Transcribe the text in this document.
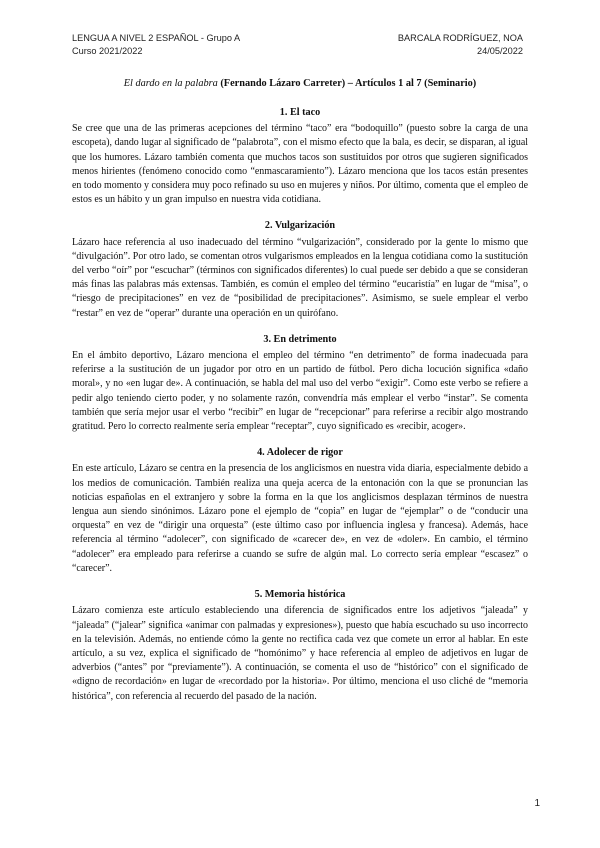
LENGUA A NIVEL 2 ESPAÑOL - Grupo A
Curso 2021/2022
BARCALA RODRÍGUEZ, NOA
24/05/2022
El dardo en la palabra (Fernando Lázaro Carreter) – Artículos 1 al 7 (Seminario)
1. El taco
Se cree que una de las primeras acepciones del término “taco” era “bodoquillo” (puesto sobre la carga de una escopeta), dando lugar al significado de “palabrota”, con el mismo efecto que la bala, es decir, se disparan, al igual que los humores. Lázaro también comenta que muchos tacos son sustituidos por otros que sugieren significados menos hirientes (fenómeno conocido como “enmascaramiento”). Lázaro menciona que los tacos están presentes en todo momento y considera muy poco refinado su uso en mujeres y niños. Por último, comenta que el empleo de estos es un hábito y un gran impulso en nuestra vida cotidiana.
2. Vulgarización
Lázaro hace referencia al uso inadecuado del término “vulgarización”, considerado por la gente lo mismo que “divulgación”. Por otro lado, se comentan otros vulgarismos empleados en la lengua cotidiana como la sustitución del verbo “oír” por “escuchar” (términos con significados diferentes) lo cual puede ser debido a que se consideran más finas las palabras más extensas. También, es común el empleo del término “eucaristía” en lugar de “misa”, o “riesgo de precipitaciones” en vez de “posibilidad de precipitaciones”. Asimismo, se suele emplear el verbo “restar” en vez de “operar” durante una operación en un quirófano.
3. En detrimento
En el ámbito deportivo, Lázaro menciona el empleo del término “en detrimento” de forma inadecuada para referirse a la sustitución de un jugador por otro en un partido de fútbol. Pero dicha locución significa «daño moral», y no «en lugar de». A continuación, se habla del mal uso del verbo “exigir”. Como este verbo se refiere a pedir algo teniendo cierto poder, y no solamente razón, convendría más emplear el verbo “instar”. Se comenta también que sería mejor usar el verbo “recibir” en lugar de “recepcionar” para referirse a recibir algo mostrando gratitud. Pero lo correcto realmente sería emplear “receptar”, cuyo significado es «recibir, acoger».
4. Adolecer de rigor
En este artículo, Lázaro se centra en la presencia de los anglicismos en nuestra vida diaria, especialmente debido a los medios de comunicación. También realiza una queja acerca de la entonación con la que se pronuncian las noticias españolas en el extranjero y sobre la forma en la que los anglicismos desplazan términos de nuestra lengua aun siendo sinónimos. Lázaro pone el ejemplo de “copia” en lugar de “ejemplar” o de “conducir una orquesta” en vez de “dirigir una orquesta” (este último caso por influencia inglesa y francesa). Además, hace referencia al término “adolecer”, con significado de «carecer de», en vez de «doler». En cambio, el término “adolecer” era empleado para referirse a cuando se sufre de algún mal. Lo correcto sería emplear “escasez” o “carecer”.
5. Memoria histórica
Lázaro comienza este artículo estableciendo una diferencia de significados entre los adjetivos “jaleada” y “jaleada” (“jalear” significa «animar con palmadas y expresiones»), puesto que había escuchado su uso incorrecto en la televisión. Además, no entiende cómo la gente no rectifica cada vez que comete un error al hablar. En este artículo, a su vez, explica el significado de “homónimo” y hace referencia al empleo de adjetivos en lugar de adverbios (“antes” por “previamente”). A continuación, se comenta el uso de “histórico” con el significado de «digno de recordación» en lugar de «recordado por la historia». Por último, menciona el uso cliché de “memoria histórica”, con referencia al recuerdo del pasado de la nación.
1
